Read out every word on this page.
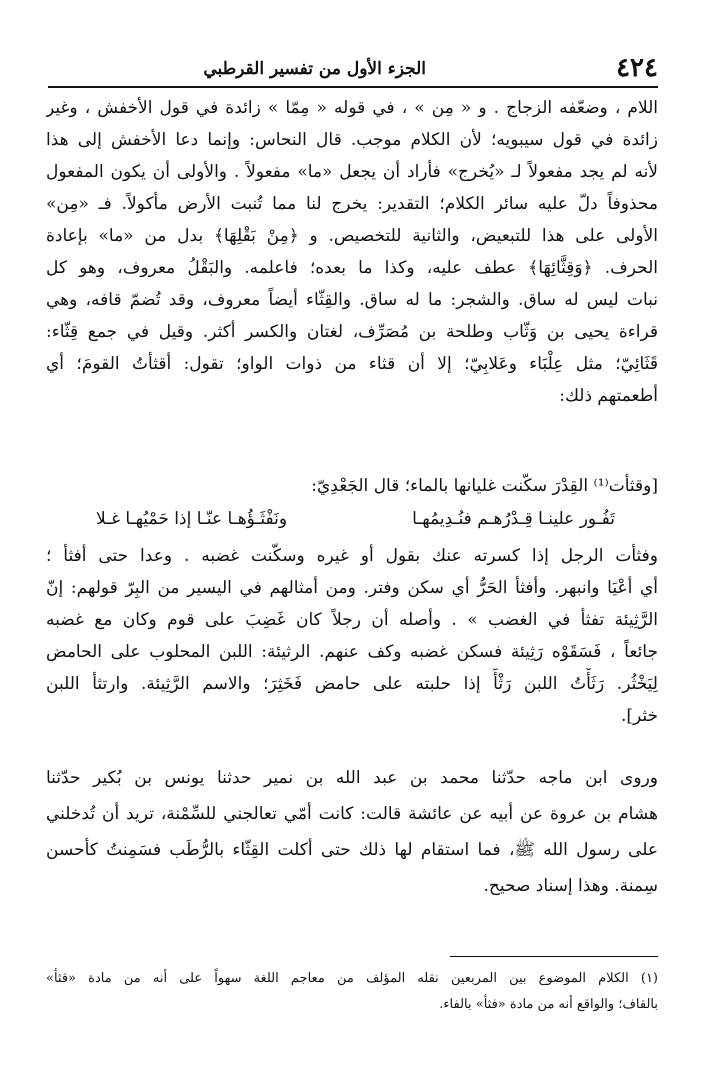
٤٢٤
الجزء الأول من تفسير القرطبي
اللام ، وضعّفه الزجاج . و « مِن » ، في قوله « مِمّا » زائدة في قول الأخفش ، وغير
زائدة في قول سيبويه؛ لأن الكلام موجب. قال النحاس: وإنما دعا الأخفش إلى هذا
لأنه لم يجد مفعولاً لـ «يُخرج» فأراد أن يجعل «ما» مفعولاً . والأولى أن يكون المفعول
محذوفاً دلّ عليه سائر الكلام؛ التقدير: يخرج لنا مما تُنبت الأرض مأكولاً. فـ «مِن»
الأولى على هذا للتبعيض، والثانية للتخصيص. و ﴿مِنْ بَقْلِهَا﴾ بدل من «ما» بإعادة
الحرف. ﴿وَقِثَّائِهَا﴾ عطف عليه، وكذا ما بعده؛ فاعلمه. والبَقْلُ معروف، وهو كل
نبات ليس له ساق. والشجر: ما له ساق. والقِثّاء أيضاً معروف، وقد تُضمّ قافه، وهي
قراءة يحيى بن وَثّاب وطلحة بن مُصَرِّف، لغتان والكسر أكثر. وقيل في جمع قِثّاء:
قَثَائِيّ؛ مثل عِلْبَاء وعَلابِيّ؛ إلا أن قثاء من ذوات الواو؛ تقول: أقثأتُ القومَ؛ أي
أطعمتهم ذلك:
[وقثأت⁽¹⁾ القِدْرَ سكّنت غليانها بالماء؛ قال الجَعْدِيّ:
تَفُـور علينـا قِـدْرُهـم فنُـدِيمُهـا
ونَفْثَـؤُهـا عنّـا إذا حَمْيُهـا غـلا
وفثأت الرجل إذا كسرته عنك بقول أو غيره وسكّنت غضبه . وعدا حتى أفثأ ؛
أي أعْيَا وانبهر. وأفثأ الحَرُّ أي سكن وفتر. ومن أمثالهم في اليسير من البِرّ قولهم: إنّ
الرَّثِيئة تفثأ في الغضب » . وأصله أن رجلاً كان غَضِبَ على قوم وكان مع غضبه
جائعاً ، فَسَقَوْه رَثِيئة فسكن غضبه وكف عنهم. الرثيئة: اللبن المحلوب على الحامض
لِيَخْثُر. رَثَأْتُ اللبن رَثْأً إذا حلبته على حامض فَخَثِرَ؛ والاسم الرَّثِيئة. وارتثأ اللبن
خثر].
وروى ابن ماجه حدّثنا محمد بن عبد الله بن نمير حدثنا يونس بن بُكير حدّثنا
هشام بن عروة عن أبيه عن عائشة قالت: كانت أمّي تعالجني للسِّمْنة، تريد أن تُدخلني
على رسول الله ﷺ، فما استقام لها ذلك حتى أكلت القِثّاء بالرُّطَب فسَمِنتُ كأحسن
سِمنة. وهذا إسناد صحيح.
(١) الكلام الموضوع بين المربعين نقله المؤلف من معاجم اللغة سهواً على أنه من مادة «قثأ»
بالقاف؛ والواقع أنه من مادة «فثأ» بالفاء.
